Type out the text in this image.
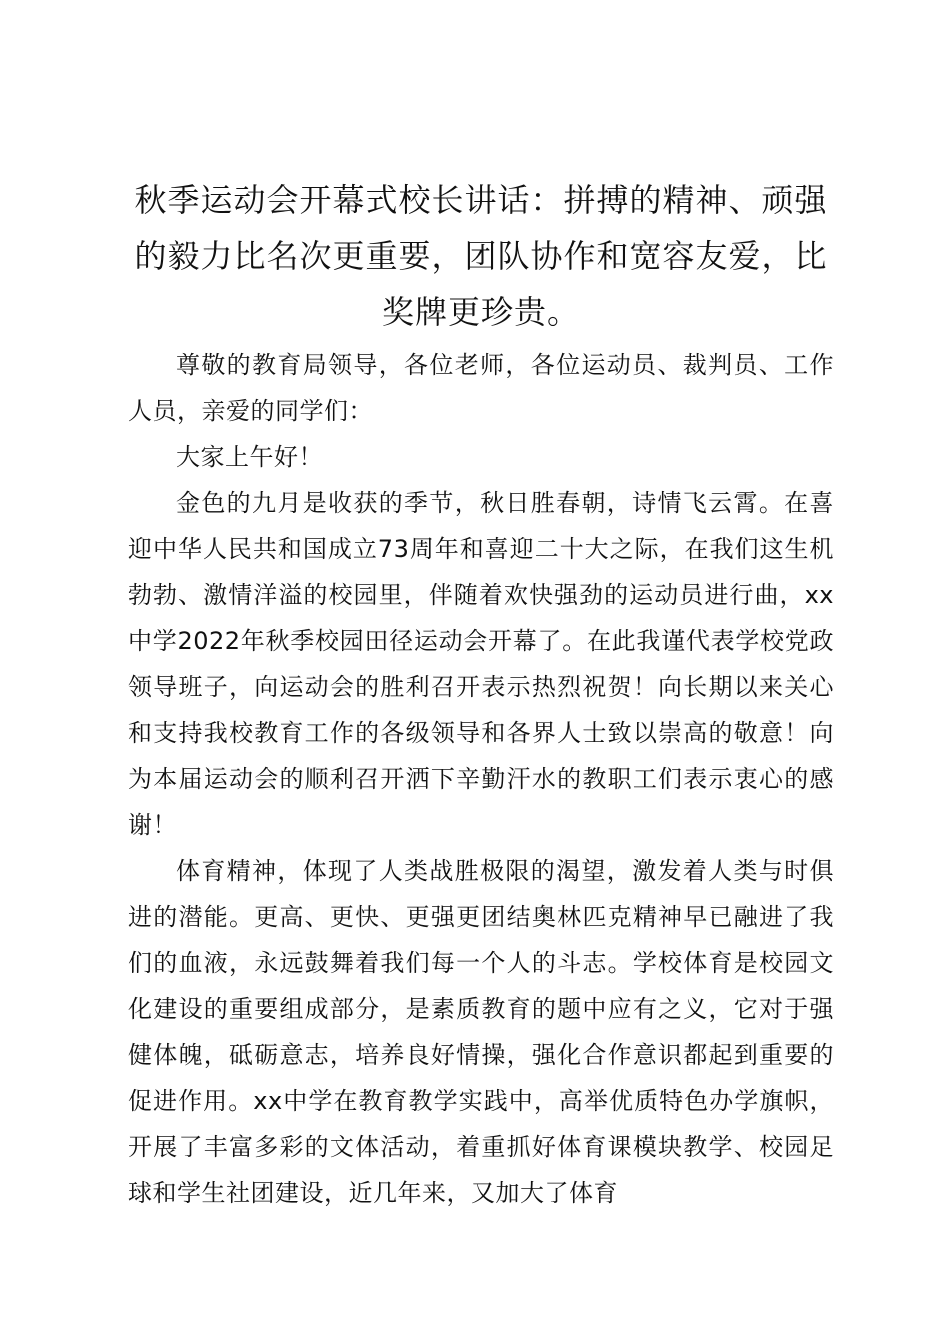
秋季运动会开幕式校长讲话：拼搏的精神、顽强的毅力比名次更重要，团队协作和宽容友爱，比奖牌更珍贵。

尊敬的教育局领导，各位老师，各位运动员、裁判员、工作人员，亲爱的同学们：

大家上午好！

金色的九月是收获的季节，秋日胜春朝，诗情飞云霄。在喜迎中华人民共和国成立73周年和喜迎二十大之际，在我们这生机勃勃、激情洋溢的校园里，伴随着欢快强劲的运动员进行曲，xx中学2022年秋季校园田径运动会开幕了。在此我谨代表学校党政领导班子，向运动会的胜利召开表示热烈祝贺！向长期以来关心和支持我校教育工作的各级领导和各界人士致以崇高的敬意！向为本届运动会的顺利召开洒下辛勤汗水的教职工们表示衷心的感谢！

体育精神，体现了人类战胜极限的渴望，激发着人类与时俱进的潜能。更高、更快、更强更团结奥林匹克精神早已融进了我们的血液，永远鼓舞着我们每一个人的斗志。学校体育是校园文化建设的重要组成部分，是素质教育的题中应有之义，它对于强健体魄，砥砺意志，培养良好情操，强化合作意识都起到重要的促进作用。xx中学在教育教学实践中，高举优质特色办学旗帜，开展了丰富多彩的文体活动，着重抓好体育课模块教学、校园足球和学生社团建设，近几年来，又加大了体育
